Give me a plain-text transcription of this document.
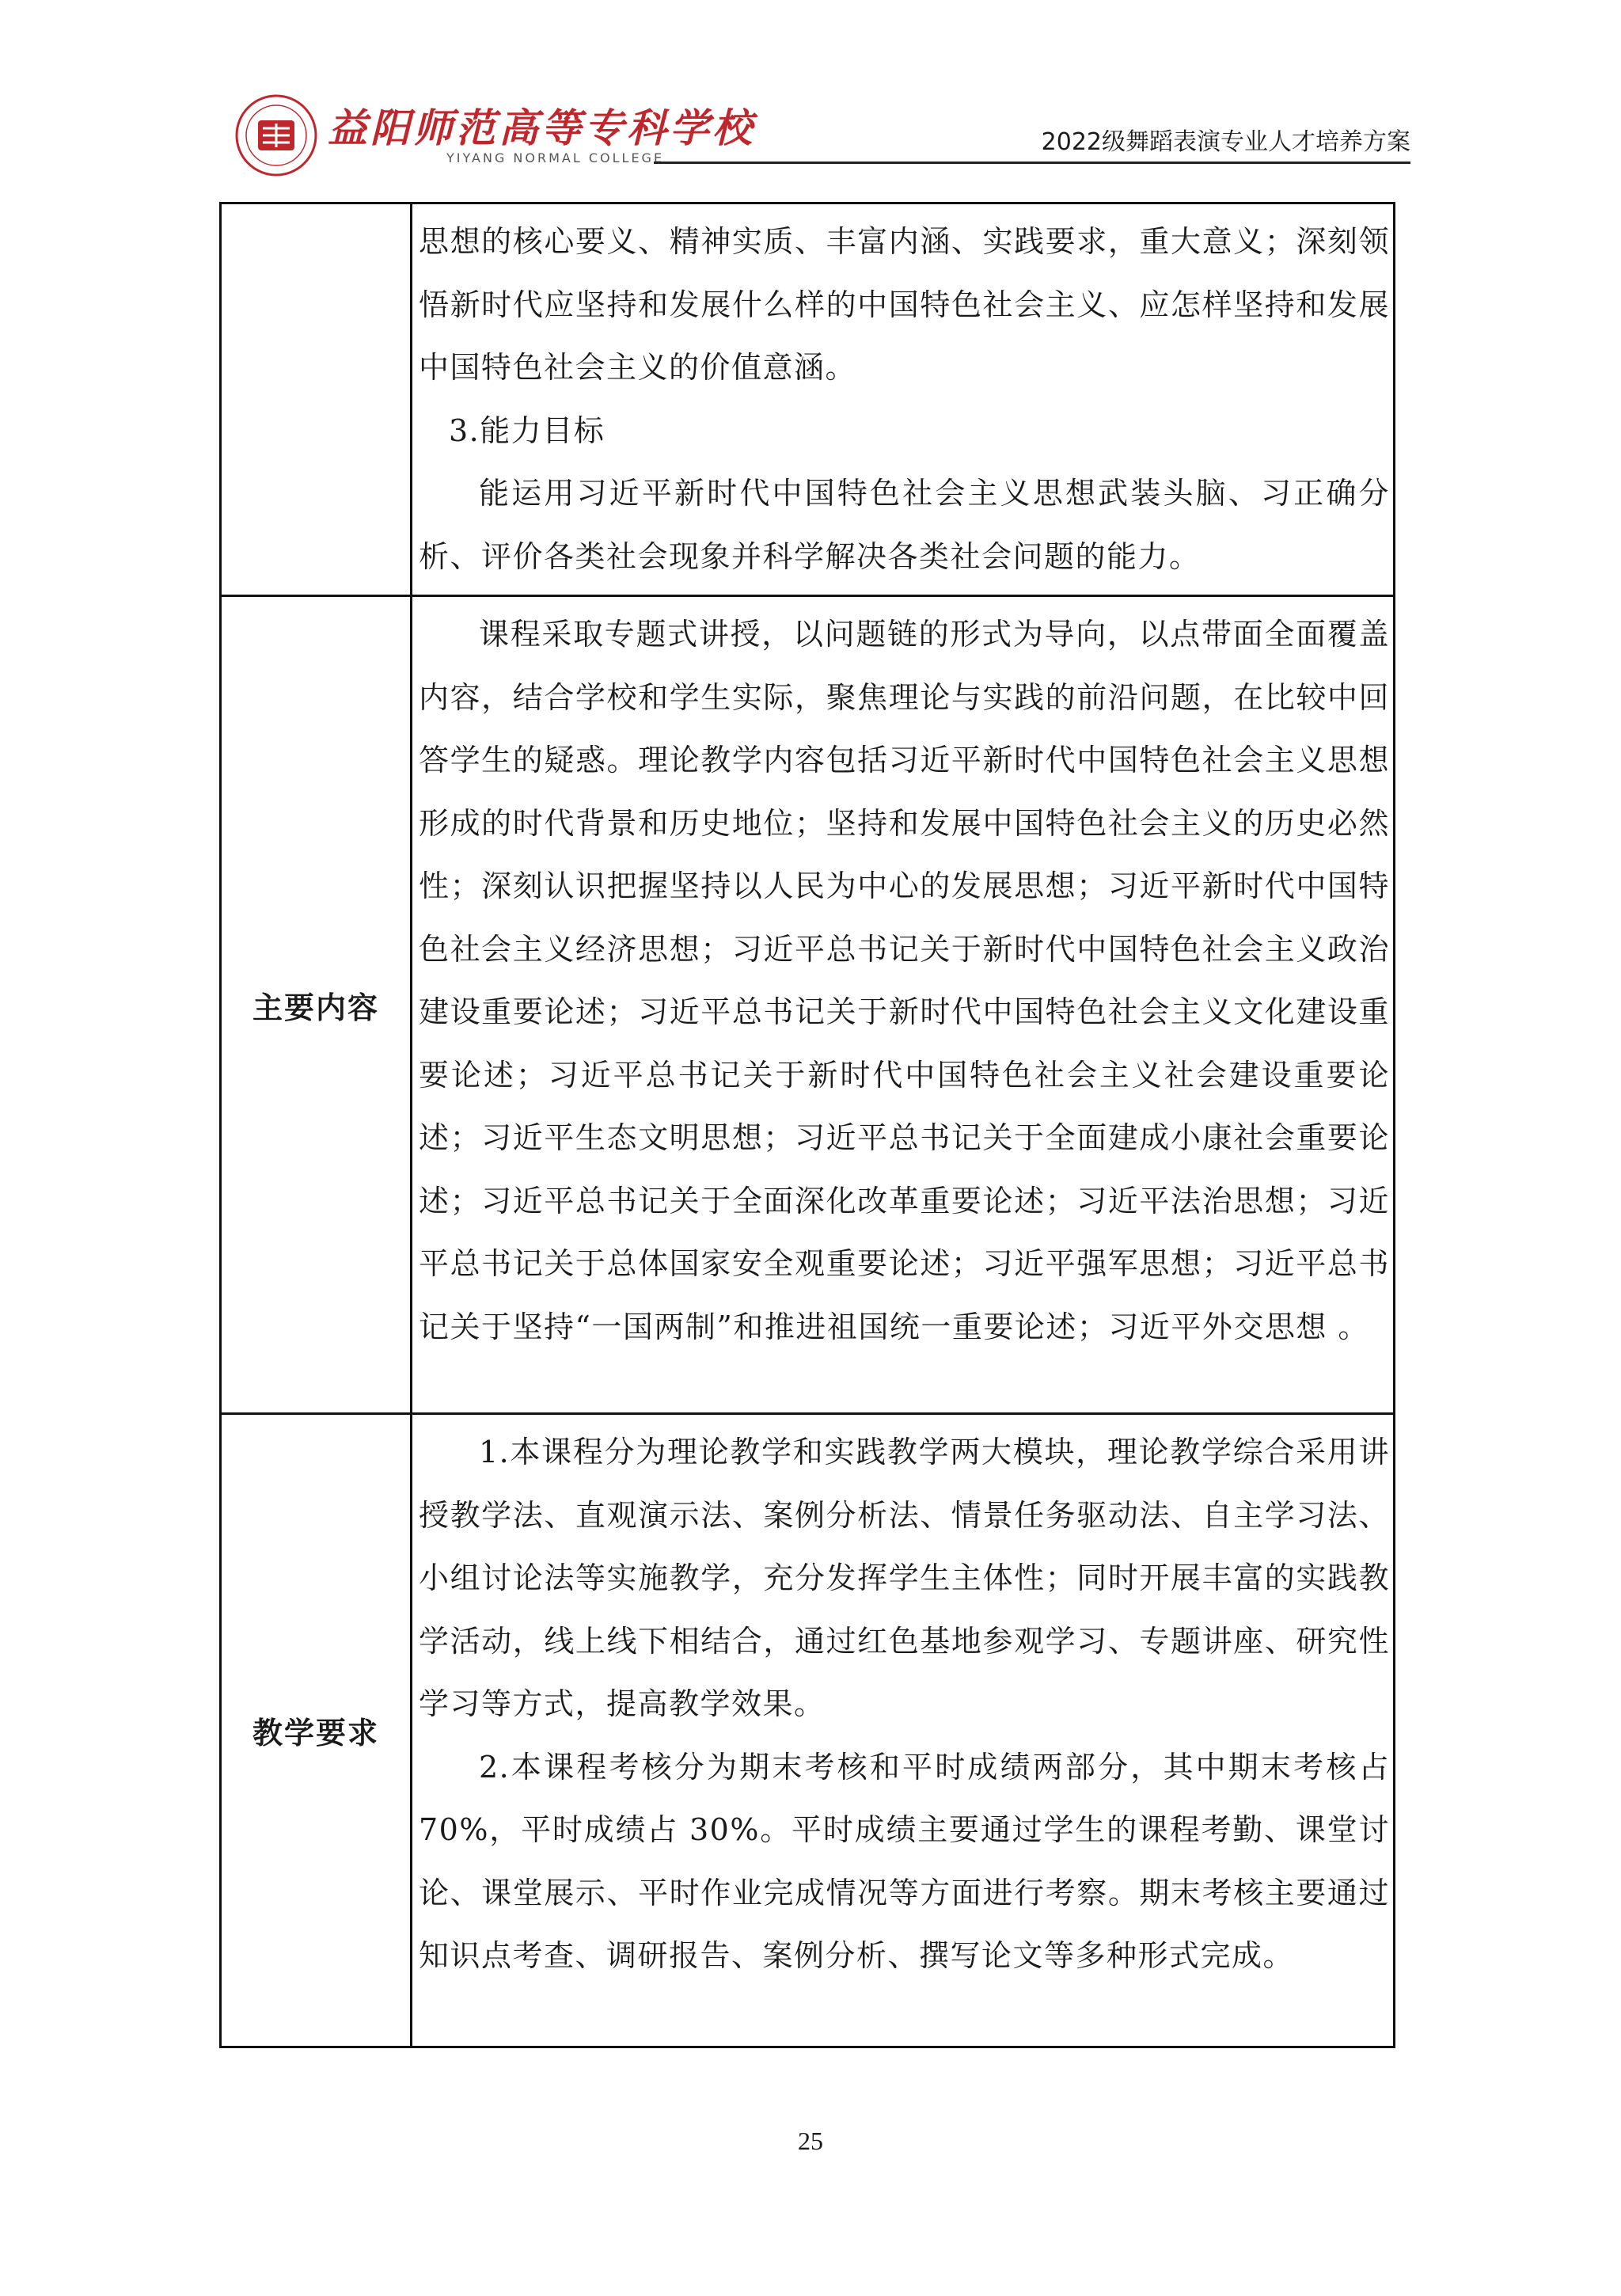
益阳师范高等专科学校
YIYANG NORMAL COLLEGE
2022级舞蹈表演专业人才培养方案

	思想的核心要义、精神实质、丰富内涵、实践要求，重大意义；深刻领悟新时代应坚持和发展什么样的中国特色社会主义、应怎样坚持和发展中国特色社会主义的价值意涵。

3.能力目标

能运用习近平新时代中国特色社会主义思想武装头脑、习正确分析、评价各类社会现象并科学解决各类社会问题的能力。

主要内容	课程采取专题式讲授，以问题链的形式为导向，以点带面全面覆盖内容，结合学校和学生实际，聚焦理论与实践的前沿问题，在比较中回答学生的疑惑。理论教学内容包括习近平新时代中国特色社会主义思想形成的时代背景和历史地位；坚持和发展中国特色社会主义的历史必然性；深刻认识把握坚持以人民为中心的发展思想；习近平新时代中国特色社会主义经济思想；习近平总书记关于新时代中国特色社会主义政治建设重要论述；习近平总书记关于新时代中国特色社会主义文化建设重要论述；习近平总书记关于新时代中国特色社会主义社会建设重要论述；习近平生态文明思想；习近平总书记关于全面建成小康社会重要论述；习近平总书记关于全面深化改革重要论述；习近平法治思想；习近平总书记关于总体国家安全观重要论述；习近平强军思想；习近平总书记关于坚持“一国两制”和推进祖国统一重要论述；习近平外交思想 。

教学要求	1.本课程分为理论教学和实践教学两大模块，理论教学综合采用讲授教学法、直观演示法、案例分析法、情景任务驱动法、自主学习法、小组讨论法等实施教学，充分发挥学生主体性；同时开展丰富的实践教学活动，线上线下相结合，通过红色基地参观学习、专题讲座、研究性学习等方式，提高教学效果。

2.本课程考核分为期末考核和平时成绩两部分，其中期末考核占70%，平时成绩占 30%。平时成绩主要通过学生的课程考勤、课堂讨论、课堂展示、平时作业完成情况等方面进行考察。期末考核主要通过知识点考查、调研报告、案例分析、撰写论文等多种形式完成。

25
